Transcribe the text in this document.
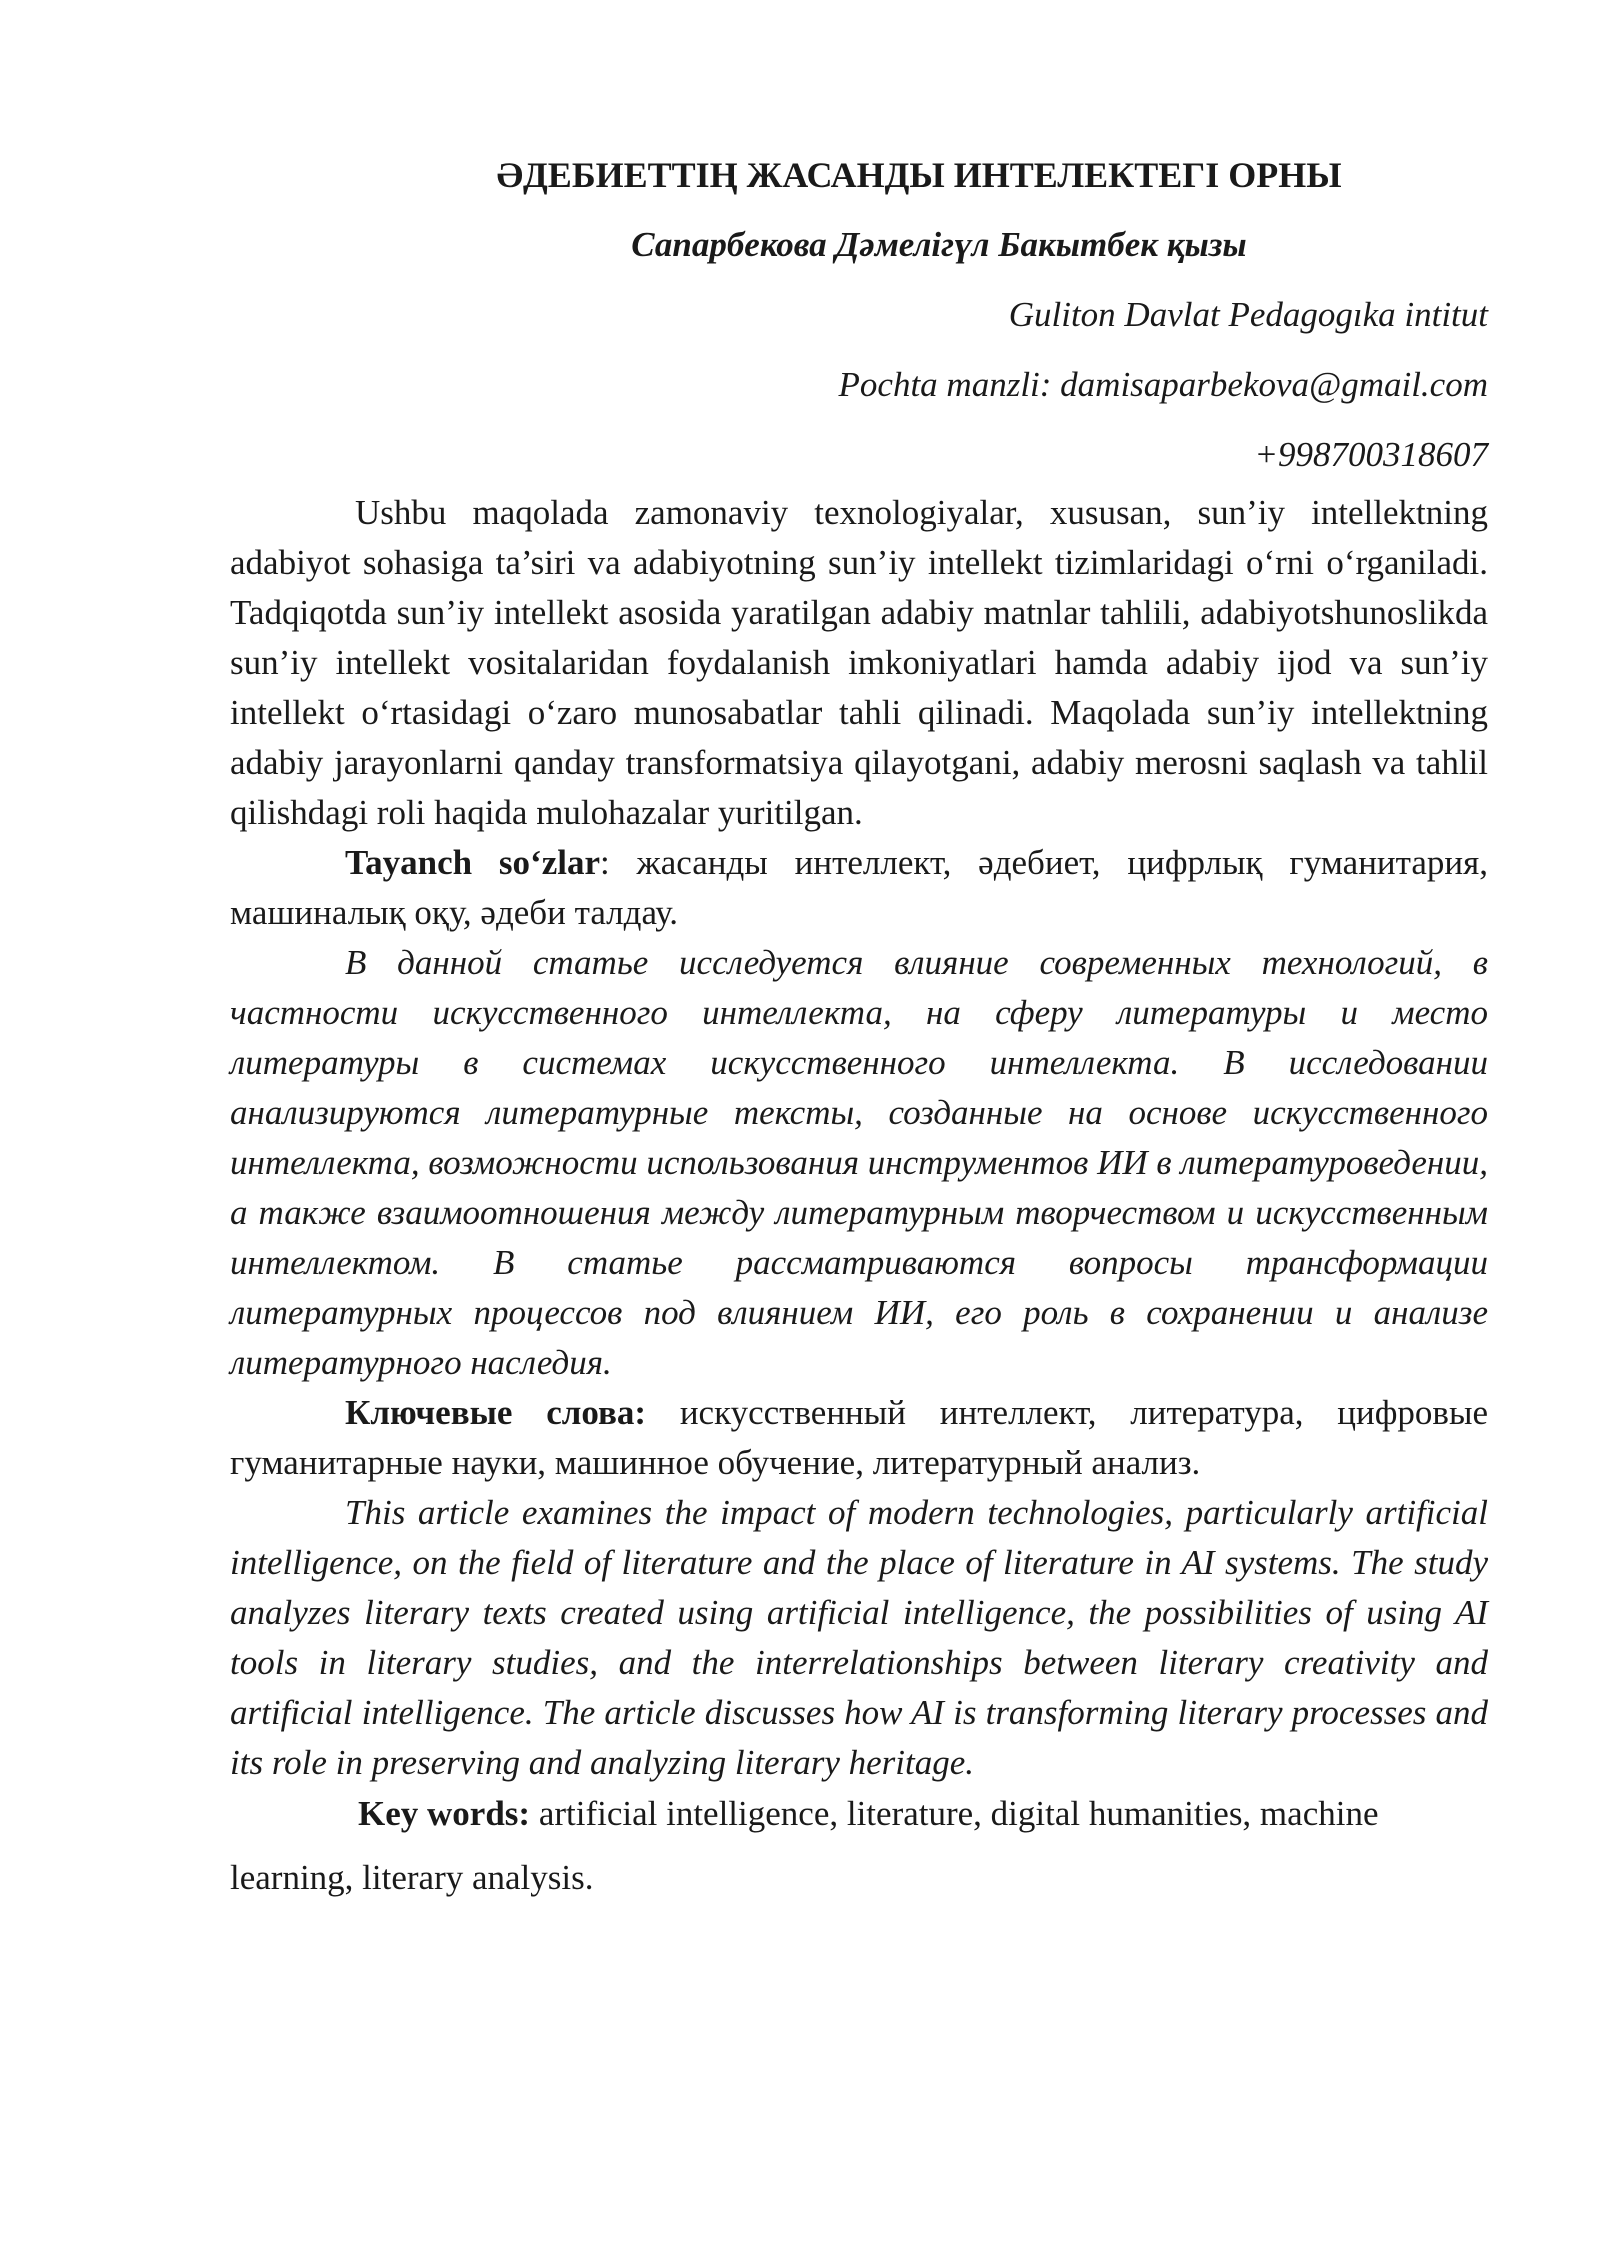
ӘДЕБИЕТТІҢ ЖАСАНДЫ ИНТЕЛЕКТЕГІ ОРНЫ
Сапарбекова Дәмелігүл Бакытбек қызы
Guliton Davlat Pedagogıka intitut
Pochta manzli: damisaparbekova@gmail.com
+998700318607

Ushbu maqolada zamonaviy texnologiyalar, xususan, sun’iy intellektning adabiyot sohasiga ta’siri va adabiyotning sun’iy intellekt tizimlaridagi o‘rni o‘rganiladi. Tadqiqotda sun’iy intellekt asosida yaratilgan adabiy matnlar tahlili, adabiyotshunoslikda sun’iy intellekt vositalaridan foydalanish imkoniyatlari hamda adabiy ijod va sun’iy intellekt o‘rtasidagi o‘zaro munosabatlar tahli qilinadi. Maqolada sun’iy intellektning adabiy jarayonlarni qanday transformatsiya qilayotgani, adabiy merosni saqlash va tahlil qilishdagi roli haqida mulohazalar yuritilgan.

Tayanch so‘zlar: жасанды интеллект, әдебиет, цифрлық гуманитария, машиналық оқу, әдеби талдау.

В данной статье исследуется влияние современных технологий, в частности искусственного интеллекта, на сферу литературы и место литературы в системах искусственного интеллекта. В исследовании анализируются литературные тексты, созданные на основе искусственного интеллекта, возможности использования инструментов ИИ в литературоведении, а также взаимоотношения между литературным творчеством и искусственным интеллектом. В статье рассматриваются вопросы трансформации литературных процессов под влиянием ИИ, его роль в сохранении и анализе литературного наследия.

Ключевые слова: искусственный интеллект, литература, цифровые гуманитарные науки, машинное обучение, литературный анализ.

This article examines the impact of modern technologies, particularly artificial intelligence, on the field of literature and the place of literature in AI systems. The study analyzes literary texts created using artificial intelligence, the possibilities of using AI tools in literary studies, and the interrelationships between literary creativity and artificial intelligence. The article discusses how AI is transforming literary processes and its role in preserving and analyzing literary heritage.

Key words: artificial intelligence, literature, digital humanities, machine
learning, literary analysis.
